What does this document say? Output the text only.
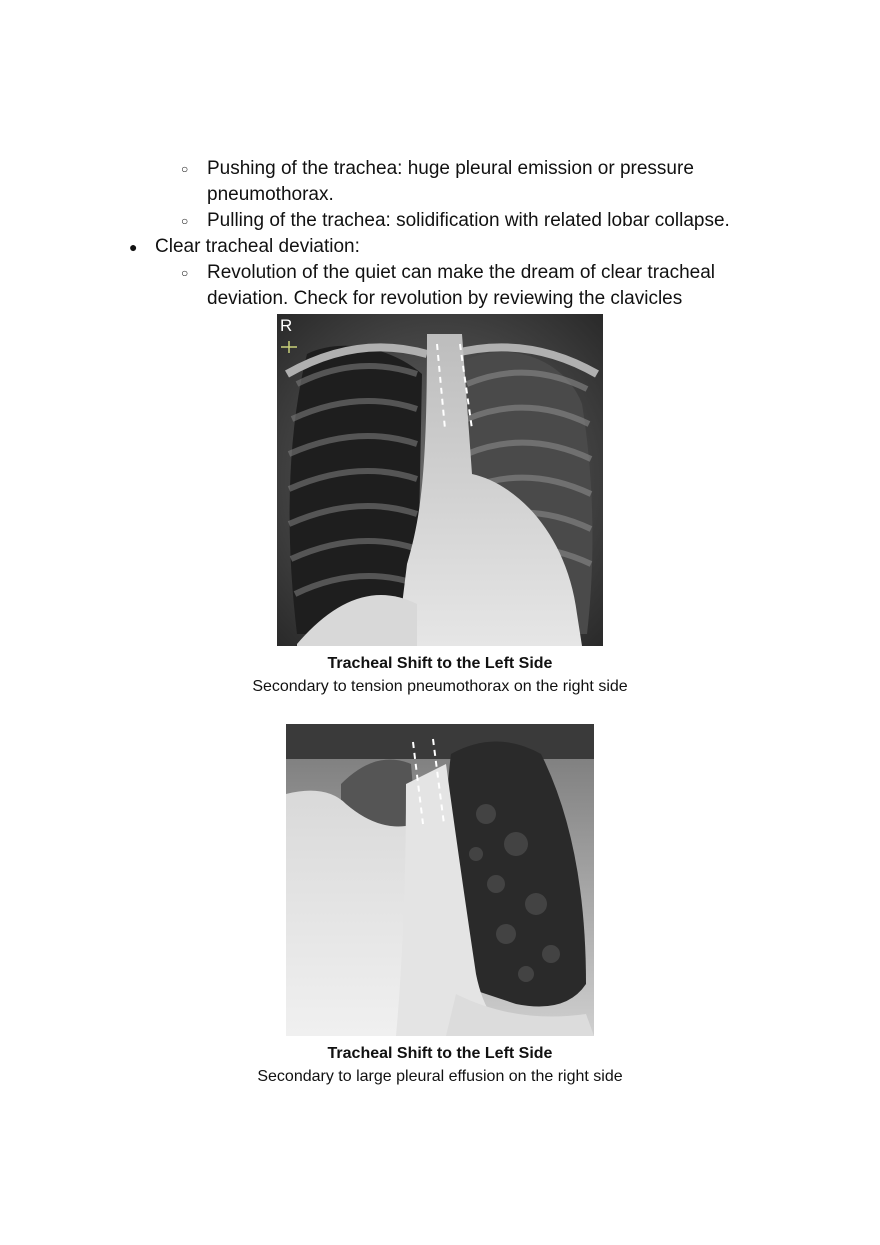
○ Pushing of the trachea: huge pleural emission or pressure
pneumothorax.
○ Pulling of the trachea: solidification with related lobar collapse.
● Clear tracheal deviation:
○ Revolution of the quiet can make the dream of clear tracheal
deviation. Check for revolution by reviewing the clavicles
R
Tracheal Shift to the Left Side
Secondary to tension pneumothorax on the right side
Tracheal Shift to the Left Side
Secondary to large pleural effusion on the right side
